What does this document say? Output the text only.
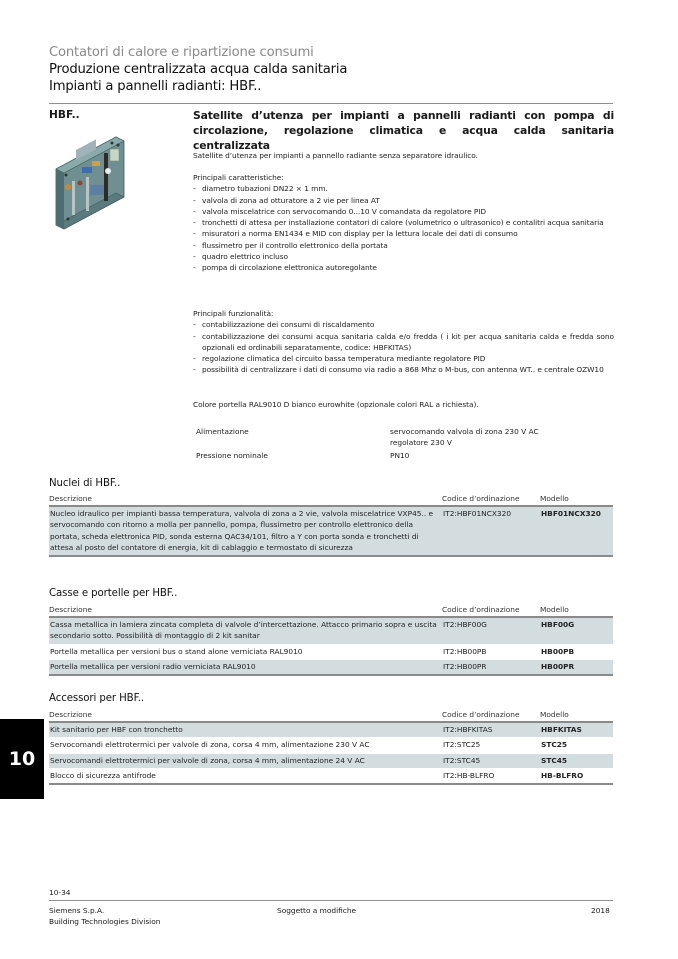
Contatori di calore e ripartizione consumi
Produzione centralizzata acqua calda sanitaria
Impianti a pannelli radianti: HBF..
HBF..	Satellite d’utenza per impianti a pannelli radianti con pompa di circolazione, regolazione climatica e acqua calda sanitaria centralizzata

Satellite d’utenza per impianti a pannello radiante senza separatore idraulico.

Principali caratteristiche:

- diametro tubazioni DN22 × 1 mm.
- valvola di zona ad otturatore a 2 vie per linea AT
- valvola miscelatrice con servocomando 0...10 V comandata da regolatore PID
- tronchetti di attesa per installazione contatori di calore (volumetrico o ultrasonico) e contalitri acqua sanitaria
- misuratori a norma EN1434 e MID con display per la lettura locale dei dati di consumo
- flussimetro per il controllo elettronico della portata
- quadro elettrico incluso
- pompa di circolazione elettronica autoregolante

Principali funzionalità:

- contabilizzazione dei consumi di riscaldamento
- contabilizzazione dei consumi acqua sanitaria calda e/o fredda ( i kit per acqua sanitaria calda e fredda sono opzionali ed ordinabili separatamente, codice: HBFKITAS)
- regolazione climatica del circuito bassa temperatura mediante regolatore PID
- possibilità di centralizzare i dati di consumo via radio a 868 Mhz o M-bus, con antenna WT.. e centrale OZW10

Colore portella RAL9010 D bianco eurowhite (opzionale colori RAL a richiesta).

Alimentazione	servocomando valvola di zona 230 V AC
regolatore 230 V
Pressione nominale	PN10
Nuclei di HBF..
Descrizione	Codice d’ordinazione	Modello
Nucleo idraulico per impianti bassa temperatura, valvola di zona a 2 vie, valvola miscelatrice VXP45.. e servocomando con ritorno a molla per pannello, pompa, flussimetro per controllo elettronico della portata, scheda elettronica PID, sonda esterna QAC34/101, filtro a Y con porta sonda e tronchetti di attesa al posto del contatore di energia, kit di cablaggio e termostato di sicurezza	IT2:HBF01NCX320	HBF01NCX320
Casse e portelle per HBF..
Descrizione	Codice d’ordinazione	Modello
Cassa metallica in lamiera zincata completa di valvole d’intercettazione. Attacco primario sopra e uscita secondario sotto. Possibilità di montaggio di 2 kit sanitar	IT2:HBF00G	HBF00G
Portella metallica per versioni bus o stand alone verniciata RAL9010	IT2:HB00PB	HB00PB
Portella metallica per versioni radio verniciata RAL9010	IT2:HB00PR	HB00PR
Accessori per HBF..
Descrizione	Codice d’ordinazione	Modello
Kit sanitario per HBF con tronchetto	IT2:HBFKITAS	HBFKITAS
Servocomandi elettrotermici per valvole di zona, corsa 4 mm, alimentazione 230 V AC	IT2:STC25	STC25
Servocomandi elettrotermici per valvole di zona, corsa 4 mm, alimentazione 24 V AC	IT2:STC45	STC45
Blocco di sicurezza antifrode	IT2:HB-BLFRO	HB-BLFRO
10
10-34
Siemens S.p.A.
Building Technologies Division
Soggetto a modifiche	2018
